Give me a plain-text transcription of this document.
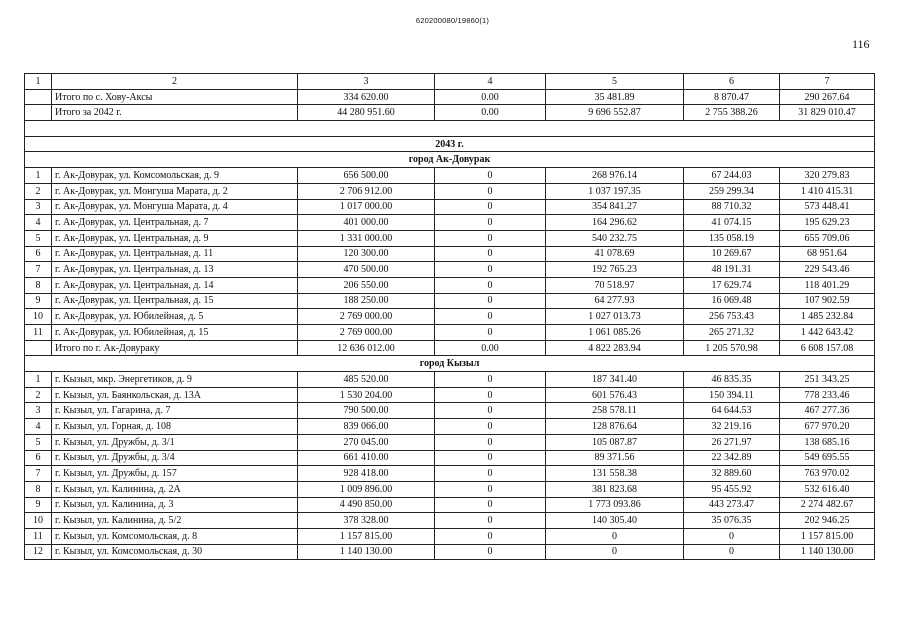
620200080/19860(1)
116
1	2	3	4	5	6	7
	Итого по с. Хову-Аксы	334 620.00	0.00	35 481.89	8 870.47	290 267.64
	Итого за 2042 г.	44 280 951.60	0.00	9 696 552.87	2 755 388.26	31 829 010.47

2043 г.						
город Ак-Довурак						
1	г. Ак-Довурак, ул. Комсомольская, д. 9	656 500.00	0	268 976.14	67 244.03	320 279.83
2	г. Ак-Довурак, ул. Монгуша Марата, д. 2	2 706 912.00	0	1 037 197.35	259 299.34	1 410 415.31
3	г. Ак-Довурак, ул. Монгуша Марата, д. 4	1 017 000.00	0	354 841.27	88 710.32	573 448.41
4	г. Ак-Довурак, ул. Центральная, д. 7	401 000.00	0	164 296.62	41 074.15	195 629.23
5	г. Ак-Довурак, ул. Центральная, д. 9	1 331 000.00	0	540 232.75	135 058.19	655 709.06
6	г. Ак-Довурак, ул. Центральная, д. 11	120 300.00	0	41 078.69	10 269.67	68 951.64
7	г. Ак-Довурак, ул. Центральная, д. 13	470 500.00	0	192 765.23	48 191.31	229 543.46
8	г. Ак-Довурак, ул. Центральная, д. 14	206 550.00	0	70 518.97	17 629.74	118 401.29
9	г. Ак-Довурак, ул. Центральная, д. 15	188 250.00	0	64 277.93	16 069.48	107 902.59
10	г. Ак-Довурак, ул. Юбилейная, д. 5	2 769 000.00	0	1 027 013.73	256 753.43	1 485 232.84
11	г. Ак-Довурак, ул. Юбилейная, д. 15	2 769 000.00	0	1 061 085.26	265 271.32	1 442 643.42
	Итого по г. Ак-Довураку	12 636 012.00	0.00	4 822 283.94	1 205 570.98	6 608 157.08
город Кызыл						
1	г. Кызыл, мкр. Энергетиков, д. 9	485 520.00	0	187 341.40	46 835.35	251 343.25
2	г. Кызыл, ул. Баянкольская, д. 13А	1 530 204.00	0	601 576.43	150 394.11	778 233.46
3	г. Кызыл, ул. Гагарина, д. 7	790 500.00	0	258 578.11	64 644.53	467 277.36
4	г. Кызыл, ул. Горная, д. 108	839 066.00	0	128 876.64	32 219.16	677 970.20
5	г. Кызыл, ул. Дружбы, д. 3/1	270 045.00	0	105 087.87	26 271.97	138 685.16
6	г. Кызыл, ул. Дружбы, д. 3/4	661 410.00	0	89 371.56	22 342.89	549 695.55
7	г. Кызыл, ул. Дружбы, д. 157	928 418.00	0	131 558.38	32 889.60	763 970.02
8	г. Кызыл, ул. Калинина, д. 2А	1 009 896.00	0	381 823.68	95 455.92	532 616.40
9	г. Кызыл, ул. Калинина, д. 3	4 490 850.00	0	1 773 093.86	443 273.47	2 274 482.67
10	г. Кызыл, ул. Калинина, д. 5/2	378 328.00	0	140 305.40	35 076.35	202 946.25
11	г. Кызыл, ул. Комсомольская, д. 8	1 157 815.00	0	0	0	1 157 815.00
12	г. Кызыл, ул. Комсомольская, д. 30	1 140 130.00	0	0	0	1 140 130.00
